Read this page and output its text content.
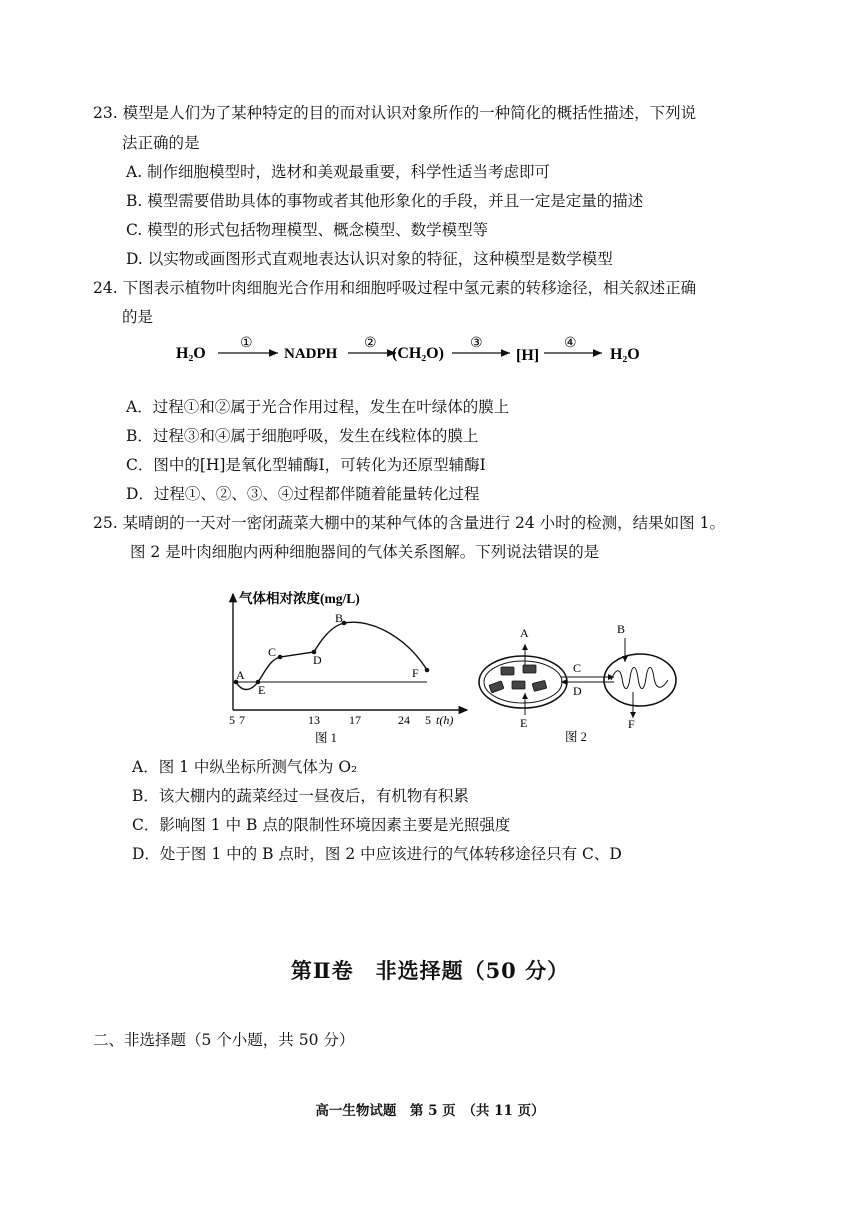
23. 模型是人们为了某种特定的目的而对认识对象所作的一种简化的概括性描述，下列说
法正确的是
A. 制作细胞模型时，选材和美观最重要，科学性适当考虑即可
B. 模型需要借助具体的事物或者其他形象化的手段，并且一定是定量的描述
C. 模型的形式包括物理模型、概念模型、数学模型等
D. 以实物或画图形式直观地表达认识对象的特征，这种模型是数学模型
24. 下图表示植物叶肉细胞光合作用和细胞呼吸过程中氢元素的转移途径，相关叙述正确
的是
H₂O
①
NADPH
②
(CH₂O)
③
[H]
④
H₂O
A．过程①和②属于光合作用过程，发生在叶绿体的膜上
B．过程③和④属于细胞呼吸，发生在线粒体的膜上
C．图中的[H]是氧化型辅酶I，可转化为还原型辅酶I
D．过程①、②、③、④过程都伴随着能量转化过程
25. 某晴朗的一天对一密闭蔬菜大棚中的某种气体的含量进行 24 小时的检测，结果如图 1。
图 2 是叶肉细胞内两种细胞器间的气体关系图解。下列说法错误的是
气体相对浓度(mg/L)
A
E
C
D
B
F
5 7	13 17	24 5 t(h)
图 1
A
E
C
D
B
F
图 2
A．图 1 中纵坐标所测气体为 O₂
B．该大棚内的蔬菜经过一昼夜后，有机物有积累
C．影响图 1 中 B 点的限制性环境因素主要是光照强度
D．处于图 1 中的 B 点时，图 2 中应该进行的气体转移途径只有 C、D
第Ⅱ卷　非选择题（50 分）
二、非选择题（5 个小题，共 50 分）
高一生物试题　第 5 页　（共 11 页）
